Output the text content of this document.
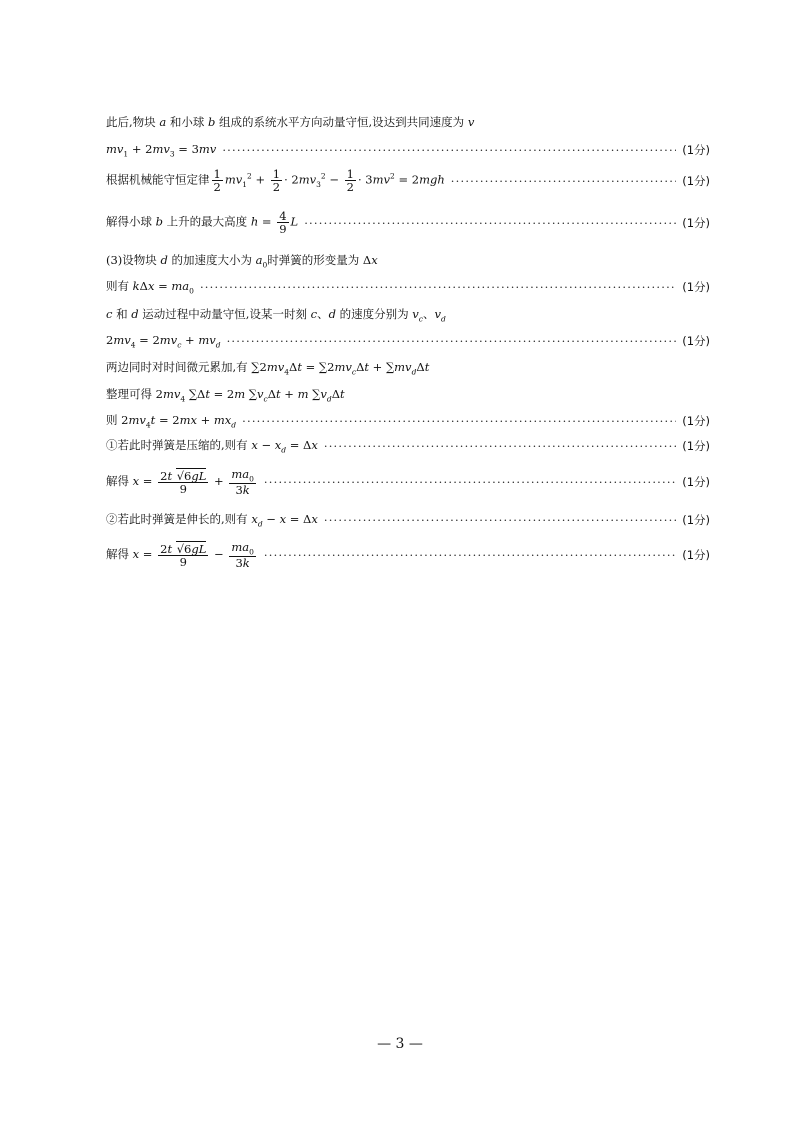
此后,物块 a 和小球 b 组成的系统水平方向动量守恒,设达到共同速度为 v
$mv_1 + 2mv_3 = 3mv$ ·····	(1分)
根据机械能守恒定律 $\frac{1}{2} mv_1^2 + \frac{1}{2} \cdot 2mv_3^2 - \frac{1}{2} \cdot 3mv^2 = 2mgh$ ·····	(1分)
解得小球 b 上升的最大高度 $h = \frac{4}{9}$ L ·····	(1分)
(3)设物块 d 的加速度大小为 $a_0$时弹簧的形变量为 Δx
则有 $k\Delta x = ma_0$ ·····	(1分)
c 和 d 运动过程中动量守恒,设某一时刻 c、d 的速度分别为 $v_c$、$v_d$
$2mv_4 = 2mv_c + mv_d$ ·····	(1分)
两边同时对时间微元累加,有 $\sum 2mv_4\Delta t = \sum 2mv_c\Delta t + \sum mv_d\Delta t$
整理可得 $2mv_4$ ∑Δt = 2m $\sum v_c\Delta t + m$ $\sum v_d\Delta t$
则 $2mv_4t = 2mx + mx_d$ ·····	(1分)
①若此时弹簧是压缩的,则有 $x - x_d = \Delta x$ ·····	(1分)
解得 $x = \frac{2t √6gL}{9} + \frac{ma_0}{3k}$ ·····	(1分)
②若此时弹簧是伸长的,则有 $x_d - x = \Delta x$ ·····	(1分)
解得 $x = \frac{2t √6gL}{9} - \frac{ma_0}{3k}$ ·····	(1分)
— 3 —
